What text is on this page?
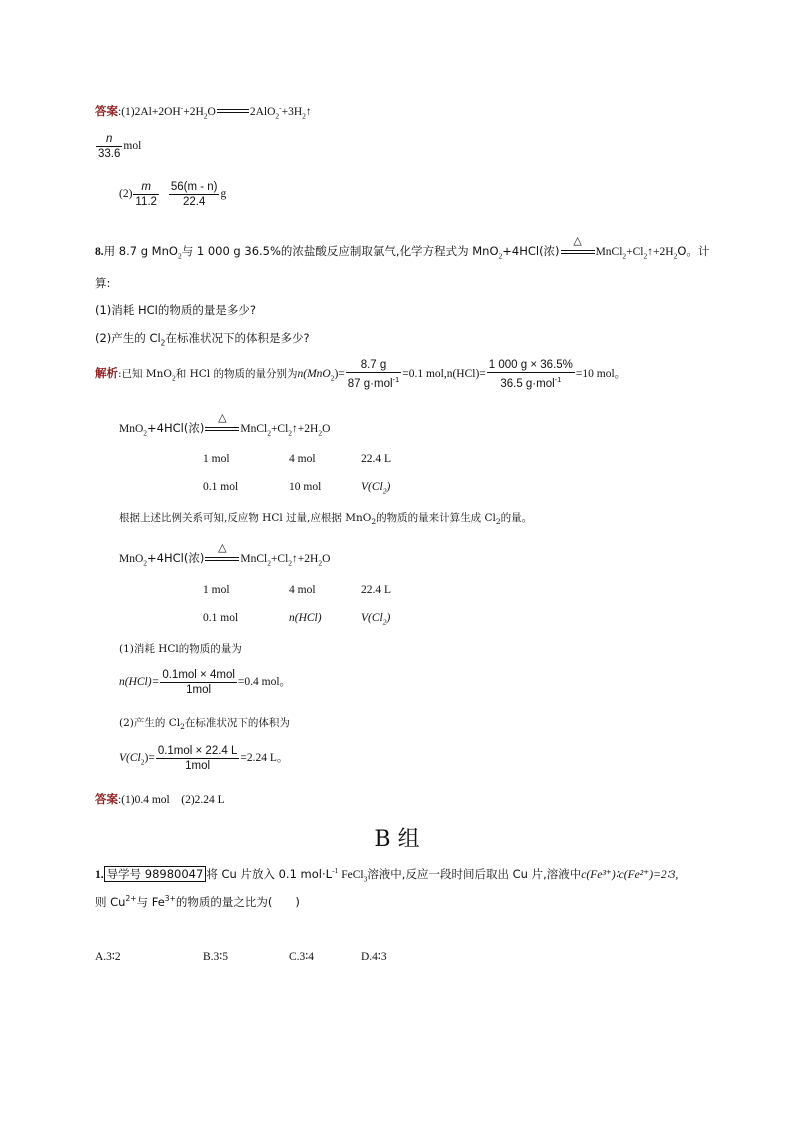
答案$:(1)2Al+2OH^-+2H_2O$	$2AlO_2^-+3H_2↑$
$\frac{n}{33.6}$ mol
$(2) \frac{m}{11.2}$
$\frac{56(m - n)}{22.4}$ g
8.用 8.7 g MnO$_2$与 1 000 g 36.5%的浓盐酸反应制取氯气,化学方程式为 MnO$_2$+4HCl(浓)
△
$MnCl_2+Cl_2↑+2H_2O$。计
算:
(1)消耗 HCl的物质的量是多少?
(2)产生的 $Cl_2$在标准状况下的体积是多少?
解析:已知 MnO$_2$和 HCl 的物质的量分别为$n(MnO_2)= \frac{8.7 g}{87 g\cdot mol^{-1}} =0.1$ $mol,n(HCl)= \frac{1 000 g \times 36.5\%}{36.5 g\cdot mol^{-1}} =10$ mol。
MnO$_2$+4HCl(浓)
△
$MnCl_2+Cl_2↑+2H_2O$
1 mol	4 mol	22.4 L
0.1 mol	10 mol	$V(Cl_2)$
根据上述比例关系可知,反应物 HCl 过量,应根据 MnO$_2$的物质的量来计算生成 $Cl_2$的量。
MnO$_2$+4HCl(浓)
△
$MnCl_2+Cl_2↑+2H_2O$
1 mol	4 mol	22.4 L
0.1 mol	n(HCl)	$V(Cl_2)$
(1)消耗 HCl的物质的量为
$n(HCl)= \frac{\text{0.1mol × 4mol}}{\text{1mol}} =0.4$ mol。
(2)产生的 $Cl_2$在标准状况下的体积为
$V(Cl_2)= \frac{\text{0.1mol × 22.4 L}}{\text{1mol}} =2.24$ L。
答案:(1)0.4 mol　(2)2.24 L
B 组
1. 导学号 98980047 将 Cu 片放入 0.1 $mol\cdot L^{-1}$ FeCl$_3$溶液中,反应一段时间后取出 Cu 片,溶液中c(Fe³⁺)∶c(Fe²⁺)=2∶3,
则 $Cu^{2+}$与 $Fe^{3+}$的物质的量之比为(　　)
A.3∶2	B.3∶5	C.3∶4	D.4∶3
